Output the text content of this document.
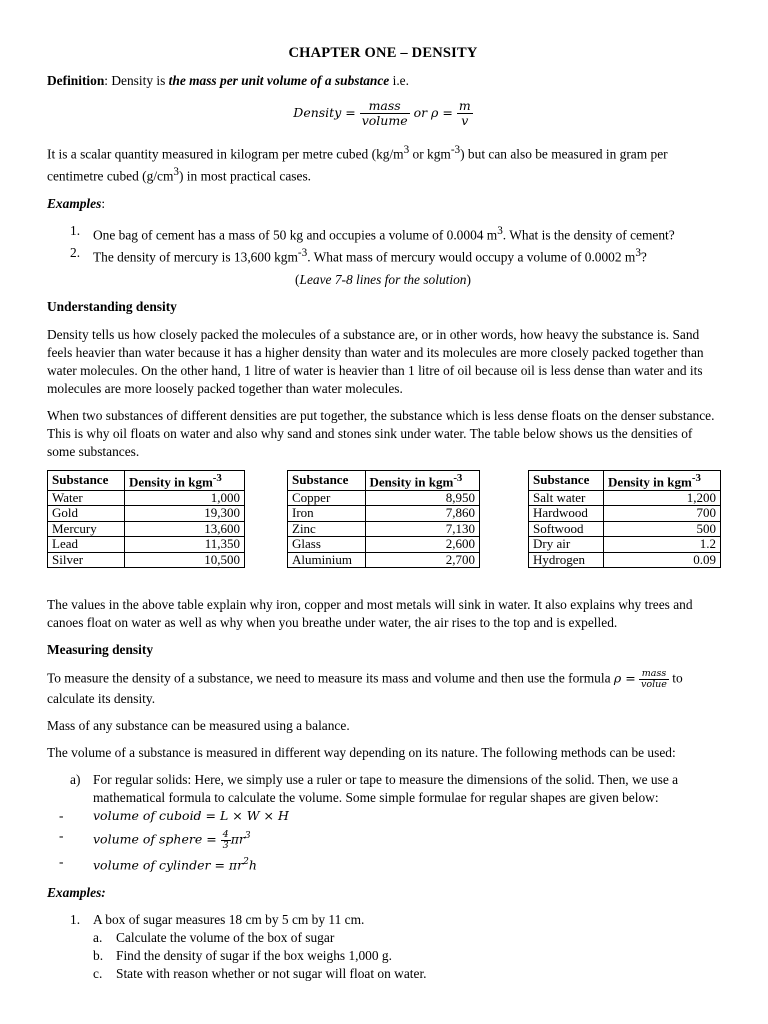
CHAPTER ONE – DENSITY

Definition: Density is the mass per unit volume of a substance i.e.

Density = $\frac{\text{mass}}{\text{volume}}$ or $\rho = \frac{m}{v}$

It is a scalar quantity measured in kilogram per metre cubed ($kg/m^3$ or kgm$^{-3}$) but can also be measured in gram per centimetre cubed $(g/cm^3)$ in most practical cases.

Examples:

1. One bag of cement has a mass of 50 kg and occupies a volume of 0.0004 $m^3$. What is the density of cement?
2. The density of mercury is 13,600 kgm$^{-3}$. What mass of mercury would occupy a volume of 0.0002 $m^3$?

(Leave 7-8 lines for the solution)

Understanding density

Density tells us how closely packed the molecules of a substance are, or in other words, how heavy the substance is. Sand feels heavier than water because it has a higher density than water and its molecules are more closely packed together than water molecules. On the other hand, 1 litre of water is heavier than 1 litre of oil because oil is less dense than water and its molecules are more loosely packed together than water molecules.

When two substances of different densities are put together, the substance which is less dense floats on the denser substance. This is why oil floats on water and also why sand and stones sink under water. The table below shows us the densities of some substances.

Substance	Density in kgm$^{-3}$
Water	1,000
Gold	19,300
Mercury	13,600
Lead	11,350
Silver	10,500
Substance	Density in kgm$^{-3}$
Copper	8,950
Iron	7,860
Zinc	7,130
Glass	2,600
Aluminium	2,700
Substance	Density in kgm$^{-3}$
Salt water	1,200
Hardwood	700
Softwood	500
Dry air	1.2
Hydrogen	0.09

The values in the above table explain why iron, copper and most metals will sink in water. It also explains why trees and canoes float on water as well as why when you breathe under water, the air rises to the top and is expelled.

Measuring density

To measure the density of a substance, we need to measure its mass and volume and then use the formula $\rho = \frac{\text{mass}}{\text{volue}}$ to calculate its density.

Mass of any substance can be measured using a balance.

The volume of a substance is measured in different way depending on its nature. The following methods can be used:

a) For regular solids: Here, we simply use a ruler or tape to measure the dimensions of the solid. Then, we use a mathematical formula to calculate the volume. Some simple formulae for regular shapes are given below:

- volume of cuboid = L × W × H

- volume of sphere = $\frac{4}{3} \pi r^3$

- volume of cylinder = $\pi r^2h$

Examples:

1. A box of sugar measures 18 cm by 5 cm by 11 cm.
a. Calculate the volume of the box of sugar
b. Find the density of sugar if the box weighs 1,000 g.
c. State with reason whether or not sugar will float on water.
